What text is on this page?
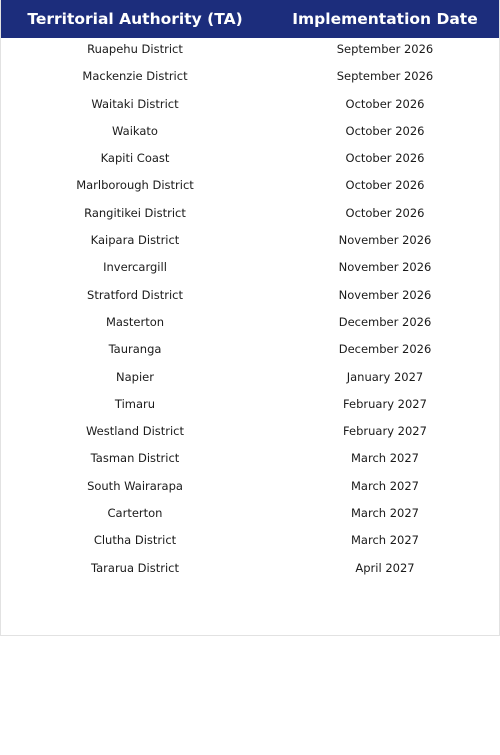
Territorial Authority (TA)	Implementation Date
Ruapehu District	September 2026
Mackenzie District	September 2026
Waitaki District	October 2026
Waikato	October 2026
Kapiti Coast	October 2026
Marlborough District	October 2026
Rangitikei District	October 2026
Kaipara District	November 2026
Invercargill	November 2026
Stratford District	November 2026
Masterton	December 2026
Tauranga	December 2026
Napier	January 2027
Timaru	February 2027
Westland District	February 2027
Tasman District	March 2027
South Wairarapa	March 2027
Carterton	March 2027
Clutha District	March 2027
Tararua District	April 2027
